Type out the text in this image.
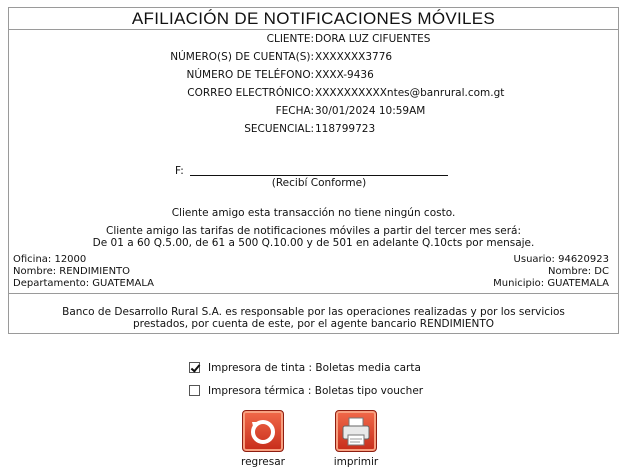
AFILIACIÓN DE NOTIFICACIONES MÓVILES
CLIENTE: DORA LUZ CIFUENTES
NÚMERO(S) DE CUENTA(S): XXXXXXX3776
NÚMERO DE TELÉFONO: XXXX-9436
CORREO ELECTRÓNICO: XXXXXXXXXXntes@banrural.com.gt
FECHA: 30/01/2024 10:59AM
SECUENCIAL: 118799723
F:
(Recibí Conforme)
Cliente amigo esta transacción no tiene ningún costo.
Cliente amigo las tarifas de notificaciones móviles a partir del tercer mes será:
De 01 a 60 Q.5.00, de 61 a 500 Q.10.00 y de 501 en adelante Q.10cts por mensaje.
Oficina: 12000
Nombre: RENDIMIENTO
Departamento: GUATEMALA
Usuario: 94620923
Nombre: DC
Municipio: GUATEMALA
Banco de Desarrollo Rural S.A. es responsable por las operaciones realizadas y por los servicios
prestados, por cuenta de este, por el agente bancario RENDIMIENTO
Impresora de tinta : Boletas media carta
Impresora térmica : Boletas tipo voucher
regresar	imprimir
